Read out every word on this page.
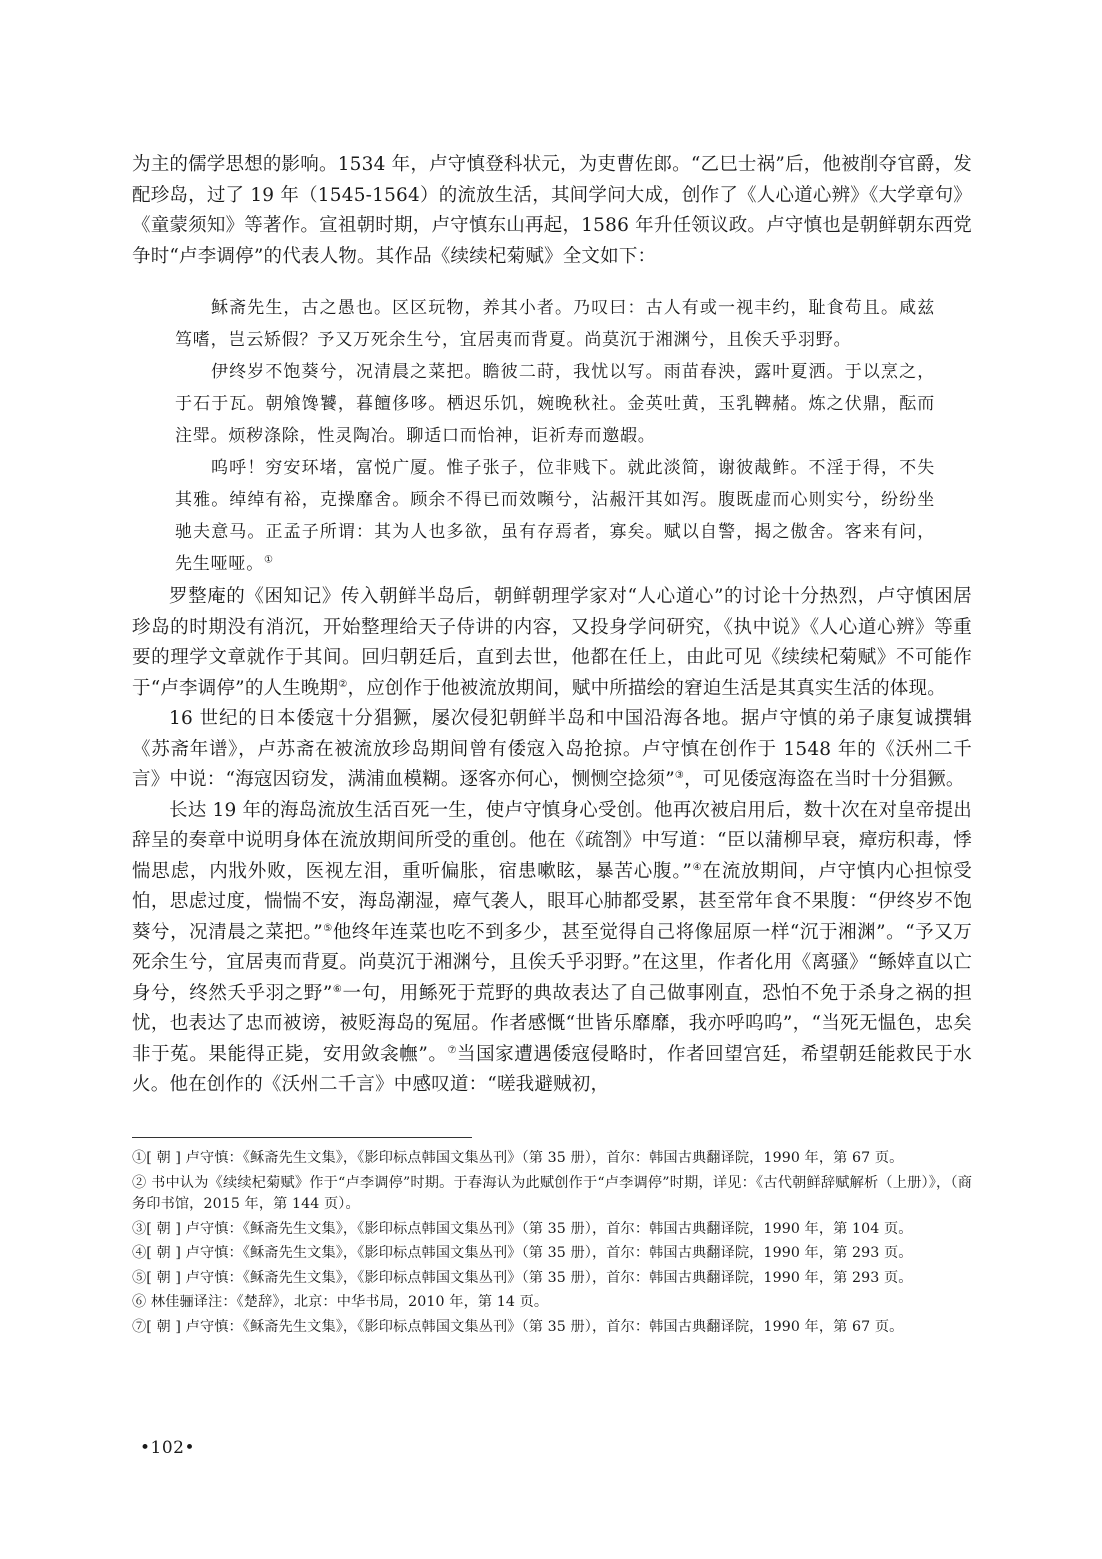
为主的儒学思想的影响。1534 年，卢守慎登科状元，为吏曹佐郎。“乙巳士祸”后，他被削夺官爵，发配珍岛，过了 19 年（1545-1564）的流放生活，其间学问大成，创作了《人心道心辨》《大学章句》《童蒙须知》等著作。宣祖朝时期，卢守慎东山再起，1586 年升任领议政。卢守慎也是朝鲜朝东西党争时“卢李调停”的代表人物。其作品《续续杞菊赋》全文如下：

稣斋先生，古之愚也。区区玩物，养其小者。乃叹曰：古人有或一视丰约，耻食苟且。咸兹笃嗜，岂云矫假？予又万死余生兮，宜居夷而背夏。尚莫沉于湘渊兮，且俟夭乎羽野。

伊终岁不饱葵兮，况清晨之菜把。瞻彼二莳，我忧以写。雨苗春泱，露叶夏洒。于以烹之，于石于瓦。朝飧馋饕，暮饘侈哆。栖迟乐饥，婉晚秋社。金英吐黄，玉乳鞞赭。炼之伏鼎，酝而注斝。烦秽涤除，性灵陶冶。聊适口而怡神，讵祈寿而邀嘏。

呜呼！穷安环堵，富悦广厦。惟子张子，位非贱下。就此淡简，谢彼胾鲊。不淫于得，不失其雅。绰绰有裕，克操靡舍。顾余不得已而效嚬兮，沾赧汗其如泻。腹既虚而心则实兮，纷纷坐驰夫意马。正孟子所谓：其为人也多欲，虽有存焉者，寡矣。赋以自警，揭之傲舍。客来有问，先生哑哑。①

罗整庵的《困知记》传入朝鲜半岛后，朝鲜朝理学家对“人心道心”的讨论十分热烈，卢守慎困居珍岛的时期没有消沉，开始整理给天子侍讲的内容，又投身学问研究，《执中说》《人心道心辨》等重要的理学文章就作于其间。回归朝廷后，直到去世，他都在任上，由此可见《续续杞菊赋》不可能作于“卢李调停”的人生晚期②，应创作于他被流放期间，赋中所描绘的窘迫生活是其真实生活的体现。

16 世纪的日本倭寇十分猖獗，屡次侵犯朝鲜半岛和中国沿海各地。据卢守慎的弟子康复诚撰辑《苏斋年谱》，卢苏斋在被流放珍岛期间曾有倭寇入岛抢掠。卢守慎在创作于 1548 年的《沃州二千言》中说：“海寇因窃发，满浦血模糊。逐客亦何心，恻恻空捻须”③，可见倭寇海盗在当时十分猖獗。

长达 19 年的海岛流放生活百死一生，使卢守慎身心受创。他再次被启用后，数十次在对皇帝提出辞呈的奏章中说明身体在流放期间所受的重创。他在《疏劄》中写道：“臣以蒲柳早衰，瘴疠积毒，悸惴思虑，内戕外败，医视左泪，重听偏胀，宿患嗽眩，暴苦心腹。”④在流放期间，卢守慎内心担惊受怕，思虑过度，惴惴不安，海岛潮湿，瘴气袭人，眼耳心肺都受累，甚至常年食不果腹：“伊终岁不饱葵兮，况清晨之菜把。”⑤他终年连菜也吃不到多少，甚至觉得自己将像屈原一样“沉于湘渊”。“予又万死余生兮，宜居夷而背夏。尚莫沉于湘渊兮，且俟夭乎羽野。”在这里，作者化用《离骚》“鲧婞直以亡身兮，终然夭乎羽之野”⑥一句，用鲧死于荒野的典故表达了自己做事刚直，恐怕不免于杀身之祸的担忧，也表达了忠而被谤，被贬海岛的冤屈。作者感慨“世皆乐靡靡，我亦呼呜呜”，“当死无愠色，忠矣非于菟。果能得正毙，安用敛衾幠”。⑦当国家遭遇倭寇侵略时，作者回望宫廷，希望朝廷能救民于水火。他在创作的《沃州二千言》中感叹道：“嗟我避贼初，

①[ 朝 ] 卢守慎：《稣斋先生文集》，《影印标点韩国文集丛刊》（第 35 册），首尔：韩国古典翻译院，1990 年，第 67 页。

② 书中认为《续续杞菊赋》作于“卢李调停”时期。于春海认为此赋创作于“卢李调停”时期，详见：《古代朝鲜辞赋解析（上册）》，（商务印书馆，2015 年，第 144 页）。

③[ 朝 ] 卢守慎：《稣斋先生文集》，《影印标点韩国文集丛刊》（第 35 册），首尔：韩国古典翻译院，1990 年，第 104 页。

④[ 朝 ] 卢守慎：《稣斋先生文集》，《影印标点韩国文集丛刊》（第 35 册），首尔：韩国古典翻译院，1990 年，第 293 页。

⑤[ 朝 ] 卢守慎：《稣斋先生文集》，《影印标点韩国文集丛刊》（第 35 册），首尔：韩国古典翻译院，1990 年，第 293 页。

⑥ 林佳骊译注：《楚辞》，北京：中华书局，2010 年，第 14 页。

⑦[ 朝 ] 卢守慎：《稣斋先生文集》，《影印标点韩国文集丛刊》（第 35 册），首尔：韩国古典翻译院，1990 年，第 67 页。

•102•
